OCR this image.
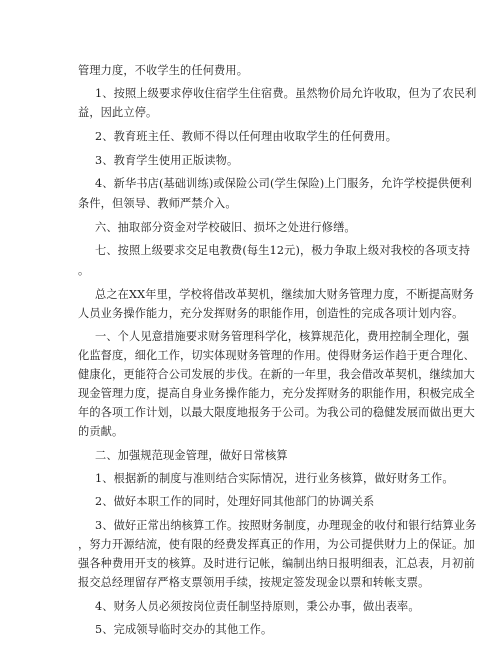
管理力度，不收学生的任何费用。
1、按照上级要求停收住宿学生住宿费。虽然物价局允许收取，但为了农民利
益，因此立停。
2、教育班主任、教师不得以任何理由收取学生的任何费用。
3、教育学生使用正版读物。
4、新华书店(基础训练)或保险公司(学生保险)上门服务，允许学校提供便利
条件，但领导、教师严禁介入。
六、抽取部分资金对学校破旧、损坏之处进行修缮。
七、按照上级要求交足电教费(每生12元)，极力争取上级对我校的各项支持
。
总之在XX年里，学校将借改革契机，继续加大财务管理力度，不断提高财务
人员业务操作能力，充分发挥财务的职能作用，创造性的完成各项计划内容。
一、个人见意措施要求财务管理科学化，核算规范化，费用控制全理化，强
化监督度，细化工作，切实体现财务管理的作用。使得财务运作趋于更合理化、
健康化，更能符合公司发展的步伐。在新的一年里，我会借改革契机，继续加大
现金管理力度，提高自身业务操作能力，充分发挥财务的职能作用，积极完成全
年的各项工作计划，以最大限度地报务于公司。为我公司的稳健发展而做出更大
的贡献。
二、加强规范现金管理，做好日常核算
1、根据新的制度与准则结合实际情况，进行业务核算，做好财务工作。
2、做好本职工作的同时，处理好同其他部门的协调关系
3、做好正常出纳核算工作。按照财务制度，办理现金的收付和银行结算业务
，努力开源结流，使有限的经费发挥真正的作用，为公司提供财力上的保证。加
强各种费用开支的核算。及时进行记帐，编制出纳日报明细表，汇总表，月初前
报交总经理留存严格支票领用手续，按规定签发现金以票和转帐支票。
4、财务人员必须按岗位责任制坚持原则，秉公办事，做出表率。
5、完成领导临时交办的其他工作。
